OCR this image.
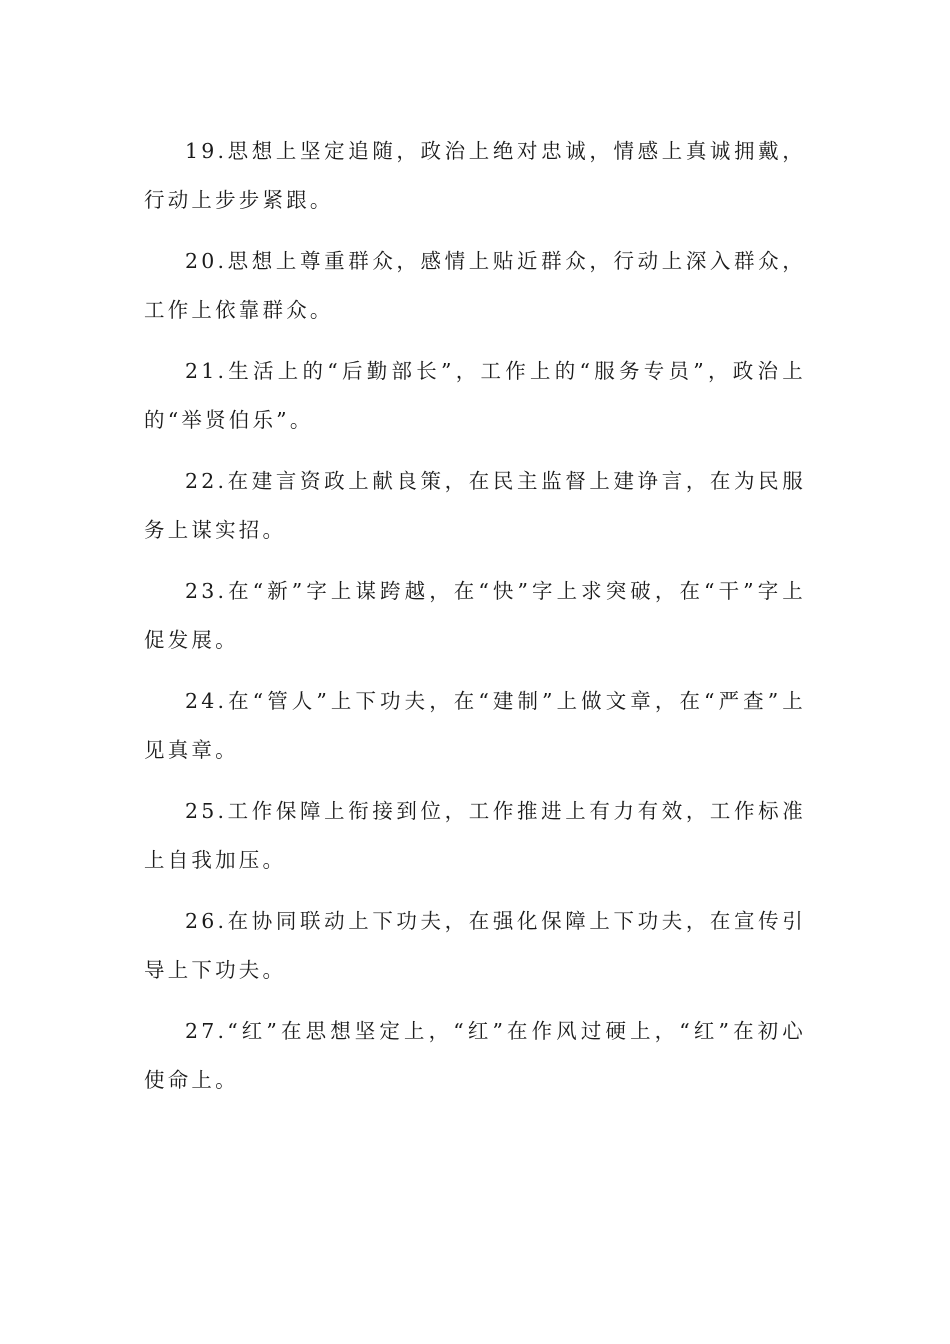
19.思想上坚定追随，政治上绝对忠诚，情感上真诚拥戴，行动上步步紧跟。

20.思想上尊重群众，感情上贴近群众，行动上深入群众，工作上依靠群众。

21.生活上的“后勤部长”，工作上的“服务专员”，政治上的“举贤伯乐”。

22.在建言资政上献良策，在民主监督上建诤言，在为民服务上谋实招。

23.在“新”字上谋跨越，在“快”字上求突破，在“干”字上促发展。

24.在“管人”上下功夫，在“建制”上做文章，在“严查”上见真章。

25.工作保障上衔接到位，工作推进上有力有效，工作标准上自我加压。

26.在协同联动上下功夫，在强化保障上下功夫，在宣传引导上下功夫。

27.“红”在思想坚定上，“红”在作风过硬上，“红”在初心使命上。
